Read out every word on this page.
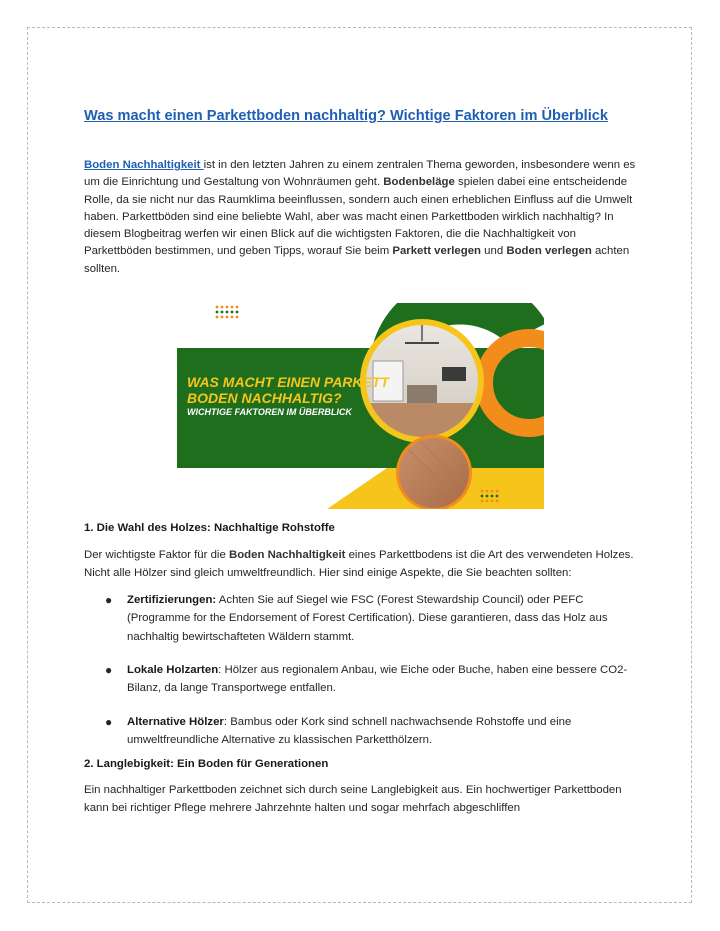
Was macht einen Parkettboden nachhaltig? Wichtige Faktoren im Überblick
Boden Nachhaltigkeit ist in den letzten Jahren zu einem zentralen Thema geworden, insbesondere wenn es um die Einrichtung und Gestaltung von Wohnräumen geht. Bodenbeläge spielen dabei eine entscheidende Rolle, da sie nicht nur das Raumklima beeinflussen, sondern auch einen erheblichen Einfluss auf die Umwelt haben. Parkettböden sind eine beliebte Wahl, aber was macht einen Parkettboden wirklich nachhaltig? In diesem Blogbeitrag werfen wir einen Blick auf die wichtigsten Faktoren, die die Nachhaltigkeit von Parkettböden bestimmen, und geben Tipps, worauf Sie beim Parkett verlegen und Boden verlegen achten sollten.
WAS MACHT EINEN PARKETT
BODEN NACHHALTIG?
WICHTIGE FAKTOREN IM ÜBERBLICK
1. Die Wahl des Holzes: Nachhaltige Rohstoffe
Der wichtigste Faktor für die Boden Nachhaltigkeit eines Parkettbodens ist die Art des verwendeten Holzes. Nicht alle Hölzer sind gleich umweltfreundlich. Hier sind einige Aspekte, die Sie beachten sollten:
● Zertifizierungen: Achten Sie auf Siegel wie FSC (Forest Stewardship Council) oder PEFC (Programme for the Endorsement of Forest Certification). Diese garantieren, dass das Holz aus nachhaltig bewirtschafteten Wäldern stammt.
● Lokale Holzarten: Hölzer aus regionalem Anbau, wie Eiche oder Buche, haben eine bessere CO2-Bilanz, da lange Transportwege entfallen.
● Alternative Hölzer: Bambus oder Kork sind schnell nachwachsende Rohstoffe und eine umweltfreundliche Alternative zu klassischen Parketthölzern.
2. Langlebigkeit: Ein Boden für Generationen
Ein nachhaltiger Parkettboden zeichnet sich durch seine Langlebigkeit aus. Ein hochwertiger Parkettboden kann bei richtiger Pflege mehrere Jahrzehnte halten und sogar mehrfach abgeschliffen
